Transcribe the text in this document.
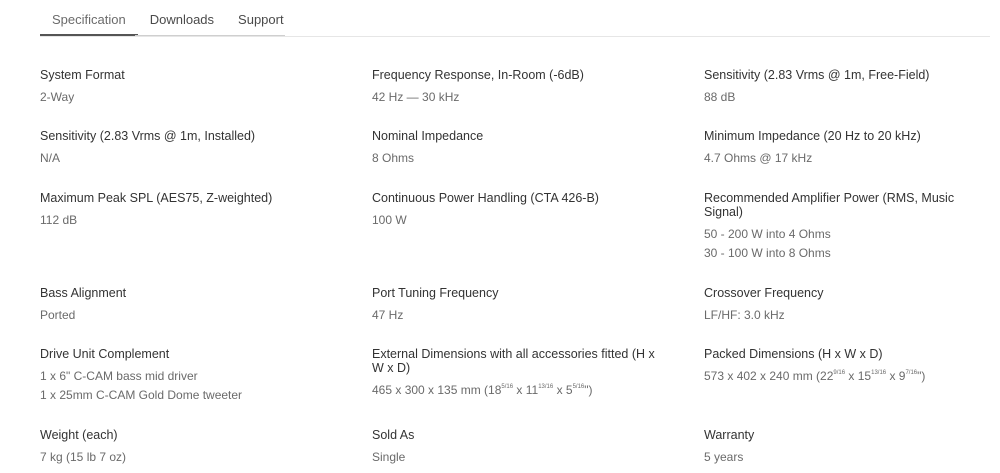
Specification	Downloads	Support
System Format
2-Way
Frequency Response, In-Room (-6dB)
42 Hz — 30 kHz
Sensitivity (2.83 Vrms @ 1m, Free-Field)
88 dB
Sensitivity (2.83 Vrms @ 1m, Installed)
N/A
Nominal Impedance
8 Ohms
Minimum Impedance (20 Hz to 20 kHz)
4.7 Ohms @ 17 kHz
Maximum Peak SPL (AES75, Z-weighted)
112 dB
Continuous Power Handling (CTA 426-B)
100 W
Recommended Amplifier Power (RMS, Music Signal)
50 - 200 W into 4 Ohms
30 - 100 W into 8 Ohms
Bass Alignment
Ported
Port Tuning Frequency
47 Hz
Crossover Frequency
LF/HF: 3.0 kHz
Drive Unit Complement
1 x 6" C-CAM bass mid driver
1 x 25mm C-CAM Gold Dome tweeter
External Dimensions with all accessories fitted (H x W x D)
465 x 300 x 135 mm ($18^{5/16}$ x $11^{13/16}$ x $5^{5/16}$")
Packed Dimensions (H x W x D)
573 x 402 x 240 mm ($22^{9/16}$ x $15^{13/16}$ x $9^{7/16}$")
Weight (each)
7 kg (15 lb 7 oz)
Sold As
Single
Warranty
5 years
